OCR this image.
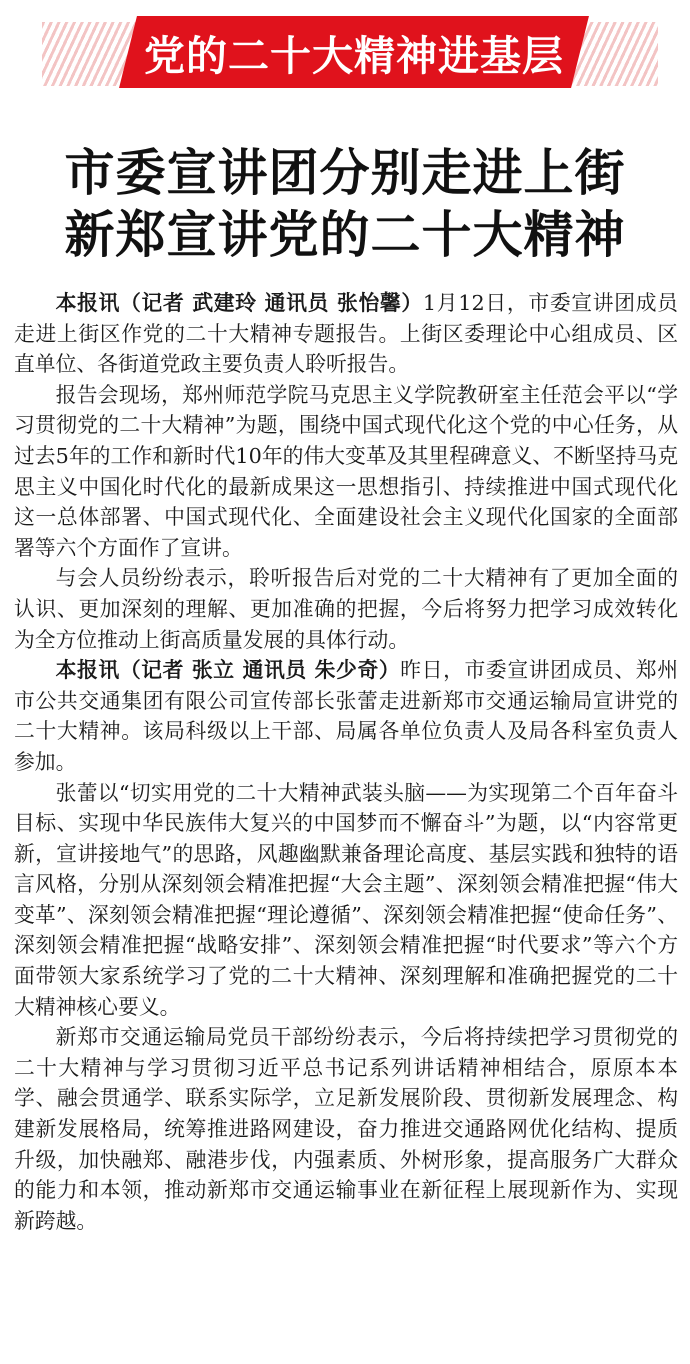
党的二十大精神进基层
市委宣讲团分别走进上街
新郑宣讲党的二十大精神

本报讯（记者 武建玲 通讯员 张怡馨）1月12日，市委宣讲团成员走进上街区作党的二十大精神专题报告。上街区委理论中心组成员、区直单位、各街道党政主要负责人聆听报告。

报告会现场，郑州师范学院马克思主义学院教研室主任范会平以“学习贯彻党的二十大精神”为题，围绕中国式现代化这个党的中心任务，从过去5年的工作和新时代10年的伟大变革及其里程碑意义、不断坚持马克思主义中国化时代化的最新成果这一思想指引、持续推进中国式现代化这一总体部署、中国式现代化、全面建设社会主义现代化国家的全面部署等六个方面作了宣讲。

与会人员纷纷表示，聆听报告后对党的二十大精神有了更加全面的认识、更加深刻的理解、更加准确的把握，今后将努力把学习成效转化为全方位推动上街高质量发展的具体行动。

本报讯（记者 张立 通讯员 朱少奇）昨日，市委宣讲团成员、郑州市公共交通集团有限公司宣传部长张蕾走进新郑市交通运输局宣讲党的二十大精神。该局科级以上干部、局属各单位负责人及局各科室负责人参加。

张蕾以“切实用党的二十大精神武装头脑——为实现第二个百年奋斗目标、实现中华民族伟大复兴的中国梦而不懈奋斗”为题，以“内容常更新，宣讲接地气”的思路，风趣幽默兼备理论高度、基层实践和独特的语言风格，分别从深刻领会精准把握“大会主题”、深刻领会精准把握“伟大变革”、深刻领会精准把握“理论遵循”、深刻领会精准把握“使命任务”、深刻领会精准把握“战略安排”、深刻领会精准把握“时代要求”等六个方面带领大家系统学习了党的二十大精神、深刻理解和准确把握党的二十大精神核心要义。

新郑市交通运输局党员干部纷纷表示，今后将持续把学习贯彻党的二十大精神与学习贯彻习近平总书记系列讲话精神相结合，原原本本学、融会贯通学、联系实际学，立足新发展阶段、贯彻新发展理念、构建新发展格局，统筹推进路网建设，奋力推进交通路网优化结构、提质升级，加快融郑、融港步伐，内强素质、外树形象，提高服务广大群众的能力和本领，推动新郑市交通运输事业在新征程上展现新作为、实现新跨越。
